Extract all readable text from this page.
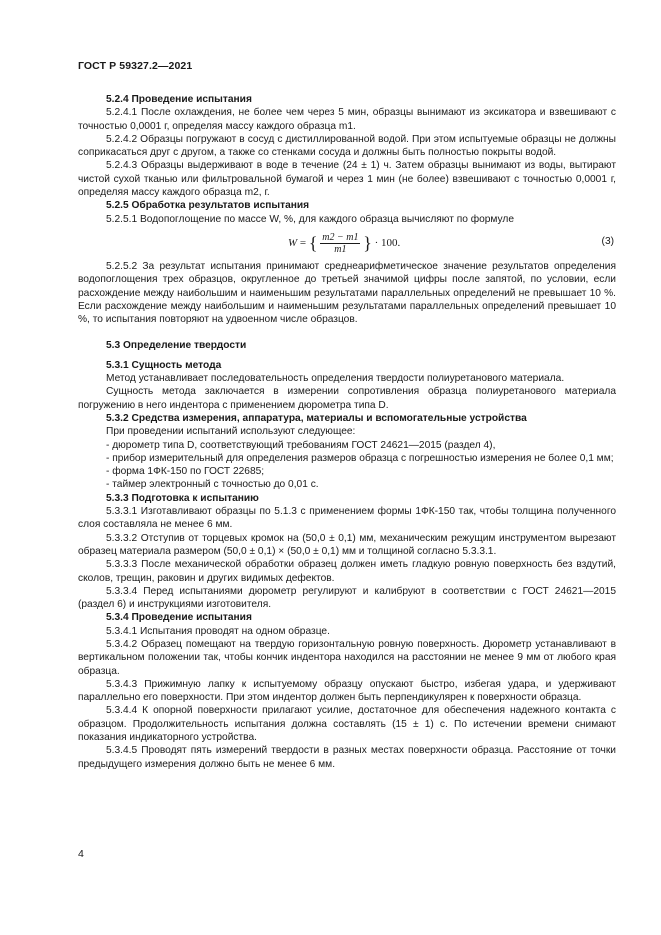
ГОСТ Р 59327.2—2021

5.2.4 Проведение испытания

5.2.4.1 После охлаждения, не более чем через 5 мин, образцы вынимают из эксикатора и взвешивают с точностью 0,0001 г, определяя массу каждого образца m1.

5.2.4.2 Образцы погружают в сосуд с дистиллированной водой. При этом испытуемые образцы не должны соприкасаться друг с другом, а также со стенками сосуда и должны быть полностью покрыты водой.

5.2.4.3 Образцы выдерживают в воде в течение (24 ± 1) ч. Затем образцы вынимают из воды, вытирают чистой сухой тканью или фильтровальной бумагой и через 1 мин (не более) взвешивают с точностью 0,0001 г, определяя массу каждого образца m2, г.

5.2.5 Обработка результатов испытания

5.2.5.1 Водопоглощение по массе W, %, для каждого образца вычисляют по формуле

W = { $\frac{m2 - m1}{m1}$ } · 100.	(3)

5.2.5.2 За результат испытания принимают среднеарифметическое значение результатов определения водопоглощения трех образцов, округленное до третьей значимой цифры после запятой, по условии, если расхождение между наибольшим и наименьшим результатами параллельных определений не превышает 10 %. Если расхождение между наибольшим и наименьшим результатами параллельных определений превышает 10 %, то испытания повторяют на удвоенном числе образцов.

5.3 Определение твердости

5.3.1 Сущность метода

Метод устанавливает последовательность определения твердости полиуретанового материала.

Сущность метода заключается в измерении сопротивления образца полиуретанового материала погружению в него индентора с применением дюрометра типа D.

5.3.2 Средства измерения, аппаратура, материалы и вспомогательные устройства

При проведении испытаний используют следующее:

- дюрометр типа D, соответствующий требованиям ГОСТ 24621—2015 (раздел 4),

- прибор измерительный для определения размеров образца с погрешностью измерения не более 0,1 мм;

- форма 1ФК-150 по ГОСТ 22685;

- таймер электронный с точностью до 0,01 с.

5.3.3 Подготовка к испытанию

5.3.3.1 Изготавливают образцы по 5.1.3 с применением формы 1ФК-150 так, чтобы толщина полученного слоя составляла не менее 6 мм.

5.3.3.2 Отступив от торцевых кромок на (50,0 ± 0,1) мм, механическим режущим инструментом вырезают образец материала размером (50,0 ± 0,1) × (50,0 ± 0,1) мм и толщиной согласно 5.3.3.1.

5.3.3.3 После механической обработки образец должен иметь гладкую ровную поверхность без вздутий, сколов, трещин, раковин и других видимых дефектов.

5.3.3.4 Перед испытаниями дюрометр регулируют и калибруют в соответствии с ГОСТ 24621—2015 (раздел 6) и инструкциями изготовителя.

5.3.4 Проведение испытания

5.3.4.1 Испытания проводят на одном образце.

5.3.4.2 Образец помещают на твердую горизонтальную ровную поверхность. Дюрометр устанавливают в вертикальном положении так, чтобы кончик индентора находился на расстоянии не менее 9 мм от любого края образца.

5.3.4.3 Прижимную лапку к испытуемому образцу опускают быстро, избегая удара, и удерживают параллельно его поверхности. При этом индентор должен быть перпендикулярен к поверхности образца.

5.3.4.4 К опорной поверхности прилагают усилие, достаточное для обеспечения надежного контакта с образцом. Продолжительность испытания должна составлять (15 ± 1) с. По истечении времени снимают показания индикаторного устройства.

5.3.4.5 Проводят пять измерений твердости в разных местах поверхности образца. Расстояние от точки предыдущего измерения должно быть не менее 6 мм.

4
